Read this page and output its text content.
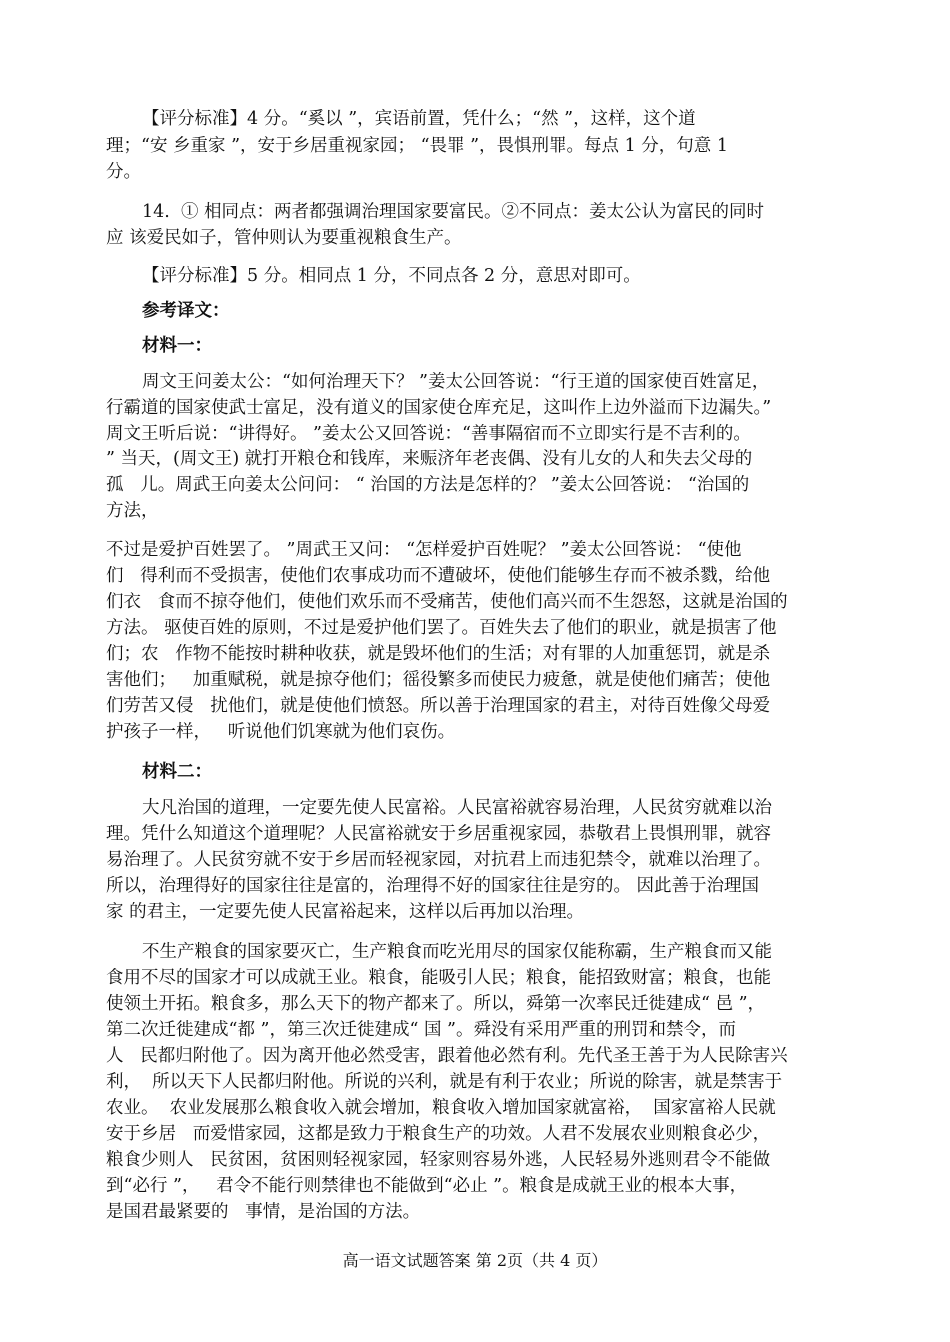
【评分标准】4 分。“奚以 ”，宾语前置，凭什么；“然 ”，这样，这个道
理；“安 乡重家 ”，安于乡居重视家园； “畏罪 ”，畏惧刑罪。每点 1 分，句意 1
分。
14.  ① 相同点：两者都强调治理国家要富民。②不同点：姜太公认为富民的同时
应 该爱民如子，管仲则认为要重视粮食生产。
【评分标准】5 分。相同点 1 分，不同点各 2 分，意思对即可。
参考译文：
材料一：
周文王问姜太公：“如何治理天下？ ”姜太公回答说：“行王道的国家使百姓富足，
行霸道的国家使武士富足，没有道义的国家使仓库充足，这叫作上边外溢而下边漏失。”
周文王听后说：“讲得好。 ”姜太公又回答说：“善事隔宿而不立即实行是不吉利的。
” 当天，(周文王) 就打开粮仓和钱库，来赈济年老丧偶、没有儿女的人和失去父母的
孤   儿。周武王向姜太公问问： “ 治国的方法是怎样的？ ”姜太公回答说： “治国的
方法，
不过是爱护百姓罢了。 ”周武王又问： “怎样爱护百姓呢？ ”姜太公回答说： “使他
们   得利而不受损害，使他们农事成功而不遭破坏，使他们能够生存而不被杀戮，给他
们衣   食而不掠夺他们，使他们欢乐而不受痛苦，使他们高兴而不生怨怒，这就是治国的
方法。 驱使百姓的原则，不过是爱护他们罢了。百姓失去了他们的职业，就是损害了他
们；农   作物不能按时耕种收获，就是毁坏他们的生活；对有罪的人加重惩罚，就是杀
害他们；   加重赋税，就是掠夺他们；徭役繁多而使民力疲惫，就是使他们痛苦；使他
们劳苦又侵   扰他们，就是使他们愤怒。所以善于治理国家的君主，对待百姓像父母爱
护孩子一样，   听说他们饥寒就为他们哀伤。
材料二：
大凡治国的道理，一定要先使人民富裕。人民富裕就容易治理，人民贫穷就难以治
理。凭什么知道这个道理呢？人民富裕就安于乡居重视家园，恭敬君上畏惧刑罪，就容
易治理了。人民贫穷就不安于乡居而轻视家园，对抗君上而违犯禁令，就难以治理了。
所以，治理得好的国家往往是富的，治理得不好的国家往往是穷的。 因此善于治理国
家 的君主，一定要先使人民富裕起来，这样以后再加以治理。
不生产粮食的国家要灭亡，生产粮食而吃光用尽的国家仅能称霸，生产粮食而又能
食用不尽的国家才可以成就王业。粮食，能吸引人民；粮食，能招致财富；粮食，也能
使领土开拓。粮食多，那么天下的物产都来了。所以，舜第一次率民迁徙建成“ 邑 ”，
第二次迁徙建成“都 ”，第三次迁徙建成“ 国 ”。舜没有采用严重的刑罚和禁令，而
人   民都归附他了。因为离开他必然受害，跟着他必然有利。先代圣王善于为人民除害兴
利，  所以天下人民都归附他。所说的兴利，就是有利于农业；所说的除害，就是禁害于
农业。  农业发展那么粮食收入就会增加，粮食收入增加国家就富裕，  国家富裕人民就
安于乡居   而爱惜家园，这都是致力于粮食生产的功效。人君不发展农业则粮食必少，
粮食少则人   民贫困，贫困则轻视家园，轻家则容易外逃，人民轻易外逃则君令不能做
到“必行 ”，   君令不能行则禁律也不能做到“必止 ”。粮食是成就王业的根本大事，
是国君最紧要的   事情，是治国的方法。
高一语文试题答案 第 2页（共 4 页）
